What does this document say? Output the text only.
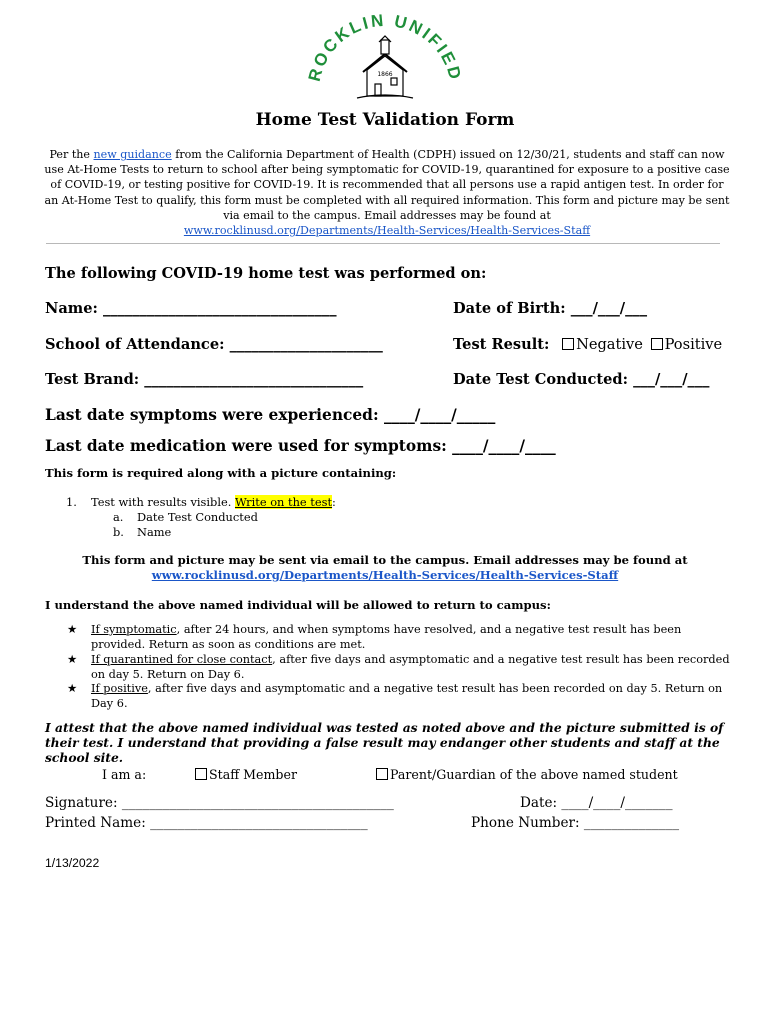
ROCKLIN UNIFIED
1866
Home Test Validation Form
Per the new guidance from the California Department of Health (CDPH) issued on 12/30/21, students and staff can now use At-Home Tests to return to school after being symptomatic for COVID-19, quarantined for exposure to a positive case of COVID-19, or testing positive for COVID-19. It is recommended that all persons use a rapid antigen test. In order for an At-Home Test to qualify, this form must be completed with all required information. This form and picture may be sent via email to the campus. Email addresses may be found at
www.rocklinusd.org/Departments/Health-Services/Health-Services-Staff
The following COVID-19 home test was performed on:
Name: ________________________________	Date of Birth: ___/___/___
School of Attendance: _____________________	Test Result: Negative Positive
Test Brand: ______________________________	Date Test Conducted: ___/___/___
Last date symptoms were experienced: ____/____/_____
Last date medication were used for symptoms: ____/____/____
This form is required along with a picture containing:
1. Test with results visible. Write on the test:
a. Date Test Conducted
b. Name
This form and picture may be sent via email to the campus. Email addresses may be found at
www.rocklinusd.org/Departments/Health-Services/Health-Services-Staff
I understand the above named individual will be allowed to return to campus:
★ If symptomatic, after 24 hours, and when symptoms have resolved, and a negative test result has been provided. Return as soon as conditions are met.
★ If quarantined for close contact, after five days and asymptomatic and a negative test result has been recorded on day 5. Return on Day 6.
★ If positive, after five days and asymptomatic and a negative test result has been recorded on day 5. Return on Day 6.
I attest that the above named individual was tested as noted above and the picture submitted is of their test. I understand that providing a false result may endanger other students and staff at the school site.
I am a:	Staff Member	Parent/Guardian of the above named student
Signature: ________________________________________	Date: ____/____/_______
Printed Name: ________________________________	Phone Number: ______________
1/13/2022
